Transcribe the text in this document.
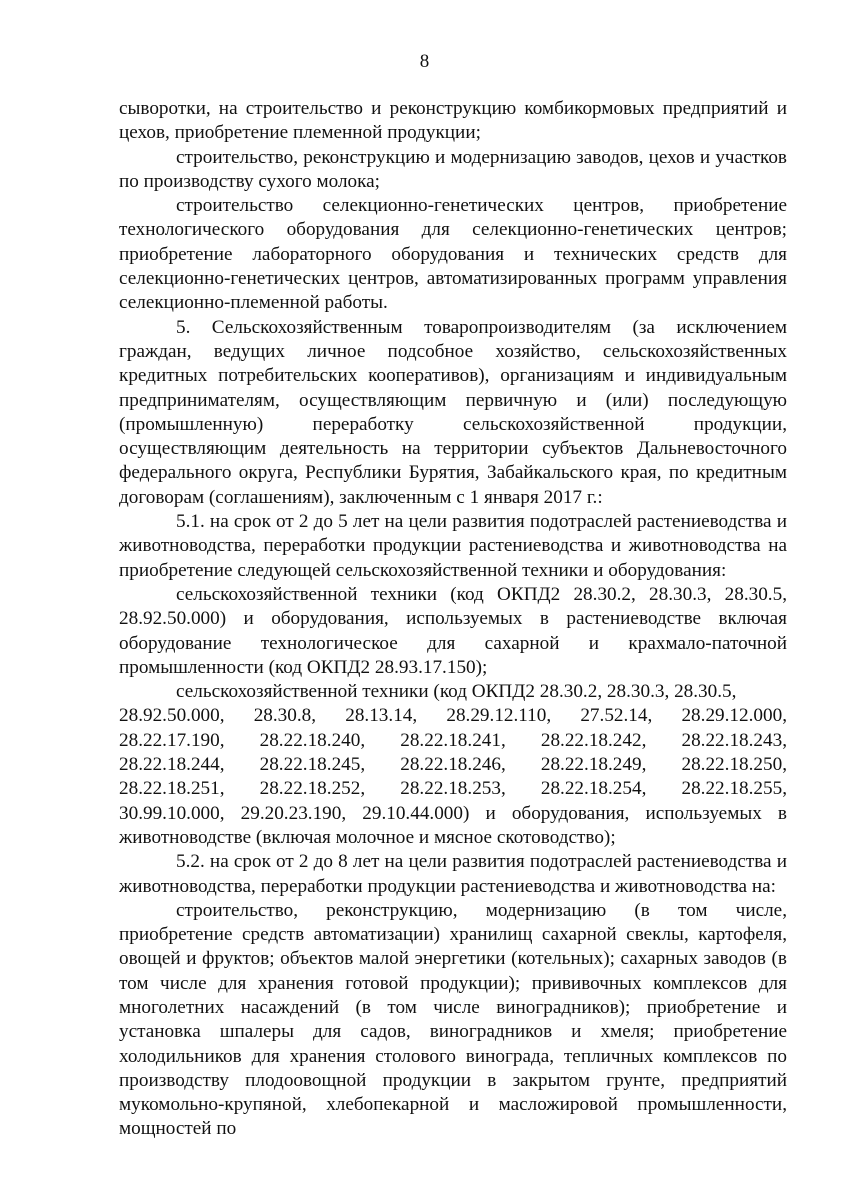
8

сыворотки, на строительство и реконструкцию комбикормовых предприятий и цехов, приобретение племенной продукции;

строительство, реконструкцию и модернизацию заводов, цехов и участков по производству сухого молока;

строительство селекционно-генетических центров, приобретение технологического оборудования для селекционно-генетических центров; приобретение лабораторного оборудования и технических средств для селекционно-генетических центров, автоматизированных программ управления селекционно-племенной работы.

5. Сельскохозяйственным товаропроизводителям (за исключением граждан, ведущих личное подсобное хозяйство, сельскохозяйственных кредитных потребительских кооперативов), организациям и индивидуальным предпринимателям, осуществляющим первичную и (или) последующую (промышленную) переработку сельскохозяйственной продукции, осуществляющим деятельность на территории субъектов Дальневосточного федерального округа, Республики Бурятия, Забайкальского края, по кредитным договорам (соглашениям), заключенным с 1 января 2017 г.:

5.1. на срок от 2 до 5 лет на цели развития подотраслей растениеводства и животноводства, переработки продукции растениеводства и животноводства на приобретение следующей сельскохозяйственной техники и оборудования:

сельскохозяйственной техники (код ОКПД2 28.30.2, 28.30.3, 28.30.5, 28.92.50.000) и оборудования, используемых в растениеводстве включая оборудование технологическое для сахарной и крахмало-паточной промышленности (код ОКПД2 28.93.17.150);

сельскохозяйственной техники (код ОКПД2 28.30.2, 28.30.3, 28.30.5,

28.92.50.000, 28.30.8, 28.13.14, 28.29.12.110, 27.52.14, 28.29.12.000,

28.22.17.190, 28.22.18.240, 28.22.18.241, 28.22.18.242, 28.22.18.243,

28.22.18.244, 28.22.18.245, 28.22.18.246, 28.22.18.249, 28.22.18.250,

28.22.18.251, 28.22.18.252, 28.22.18.253, 28.22.18.254, 28.22.18.255,

30.99.10.000, 29.20.23.190, 29.10.44.000) и оборудования, используемых в животноводстве (включая молочное и мясное скотоводство);

5.2. на срок от 2 до 8 лет на цели развития подотраслей растениеводства и животноводства, переработки продукции растениеводства и животноводства на:

строительство, реконструкцию, модернизацию (в том числе, приобретение средств автоматизации) хранилищ сахарной свеклы, картофеля, овощей и фруктов; объектов малой энергетики (котельных); сахарных заводов (в том числе для хранения готовой продукции); прививочных комплексов для многолетних насаждений (в том числе виноградников); приобретение и установка шпалеры для садов, виноградников и хмеля; приобретение холодильников для хранения столового винограда, тепличных комплексов по производству плодоовощной продукции в закрытом грунте, предприятий мукомольно-крупяной, хлебопекарной и масложировой промышленности, мощностей по
